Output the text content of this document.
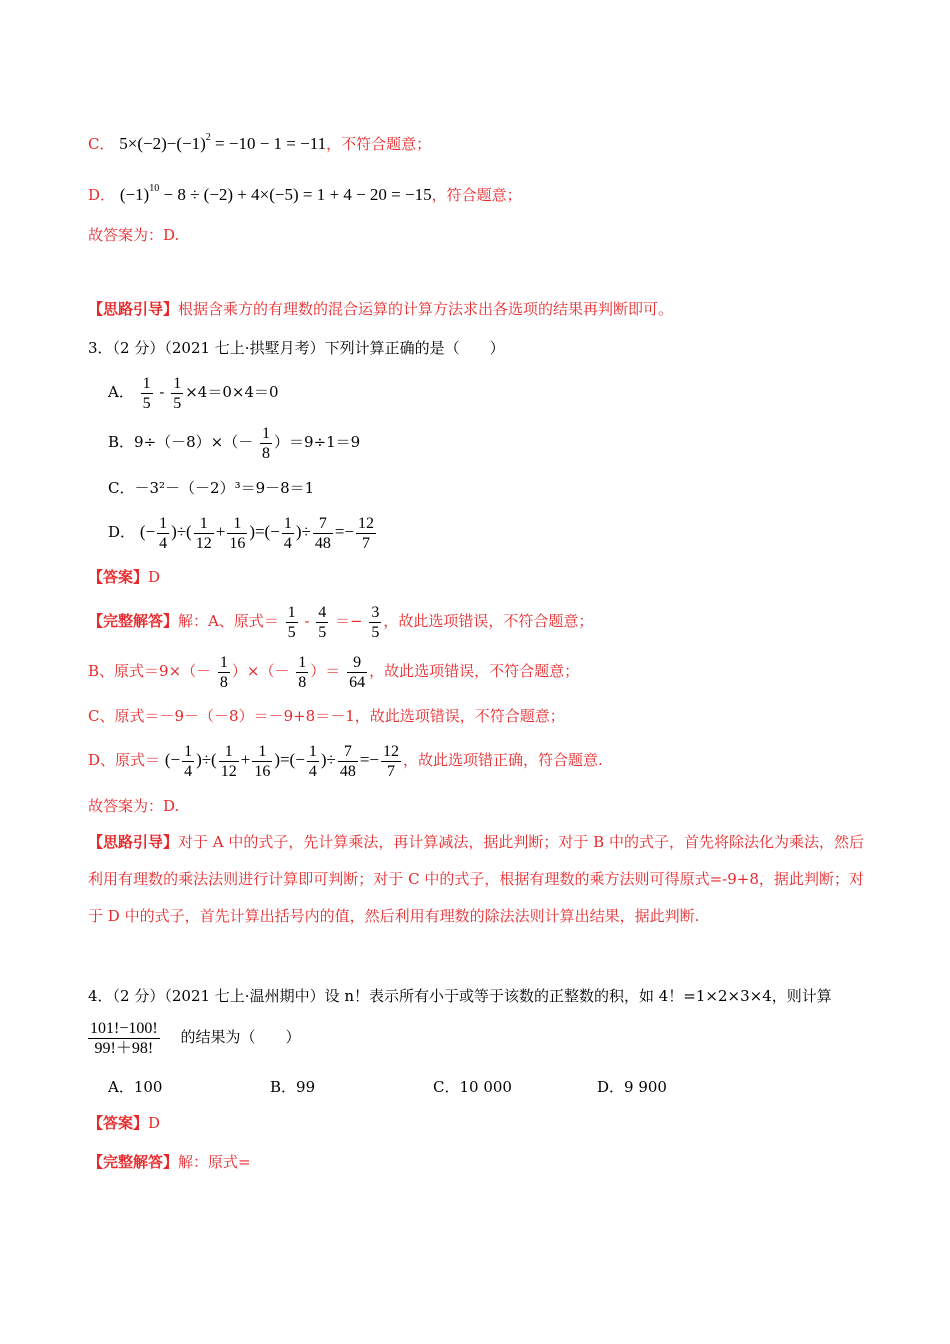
C． $5\times(-2)-(-1)^2 = -10 - 1 = -11$，不符合题意；
D． $(-1)^{10} - 8 \div (-2) + 4\times(-5) = 1 + 4 - 20 = -15$，符合题意；
故答案为：D.
【思路引导】根据含乘方的有理数的混合运算的计算方法求出各选项的结果再判断即可。
3．（2 分）（2021 七上·拱墅月考）下列计算正确的是（　　）
A． $\frac{1}{5} - \frac{1}{5} \times 4=0\times 4=0$
B．$9\div(-8)\times(- \frac{1}{8} )=9\div 1=9$
C．－3²－（－2）³＝9－8＝1
D． (− $\frac{1}{4}$ )÷( $\frac{1}{12} + \frac{1}{16}$ )=(− $\frac{1}{4}$ )÷ $\frac{7}{48} =- \frac{12}{7}$
【答案】D
【完整解答】解：A、原式＝ $\frac{1}{5} - \frac{4}{5} =- \frac{3}{5}$ ，故此选项错误，不符合题意；
B、原式$=9\times(- \frac{1}{8}$ ）×（－ $\frac{1}{8}$ ）＝ $\frac{9}{64}$ ，故此选项错误，不符合题意；
C、原式＝－9－（－8）＝－9+8＝－1，故此选项错误，不符合题意；
D、原式＝ (− $\frac{1}{4}$ )÷( $\frac{1}{12} + \frac{1}{16}$ )=(− $\frac{1}{4}$ )÷ $\frac{7}{48} =- \frac{12}{7}$ ，故此选项错正确，符合题意.
故答案为：D.
【思路引导】对于 A 中的式子，先计算乘法，再计算减法，据此判断；对于 B 中的式子，首先将除法化为乘法，然后利用有理数的乘法法则进行计算即可判断；对于 C 中的式子，根据有理数的乘方法则可得原式=-9+8，据此判断；对于 D 中的式子，首先计算出括号内的值，然后利用有理数的除法法则计算出结果，据此判断.
4．（2 分）（2021 七上·温州期中）设 n！表示所有小于或等于该数的正整数的积，如 4！=1×2×3×4，则计算
$\frac{101!-100!}{99!+98!}$ 的结果为（　　）
A．100	B．99	C．10 000	D．9 900
【答案】D
【完整解答】解：原式=
